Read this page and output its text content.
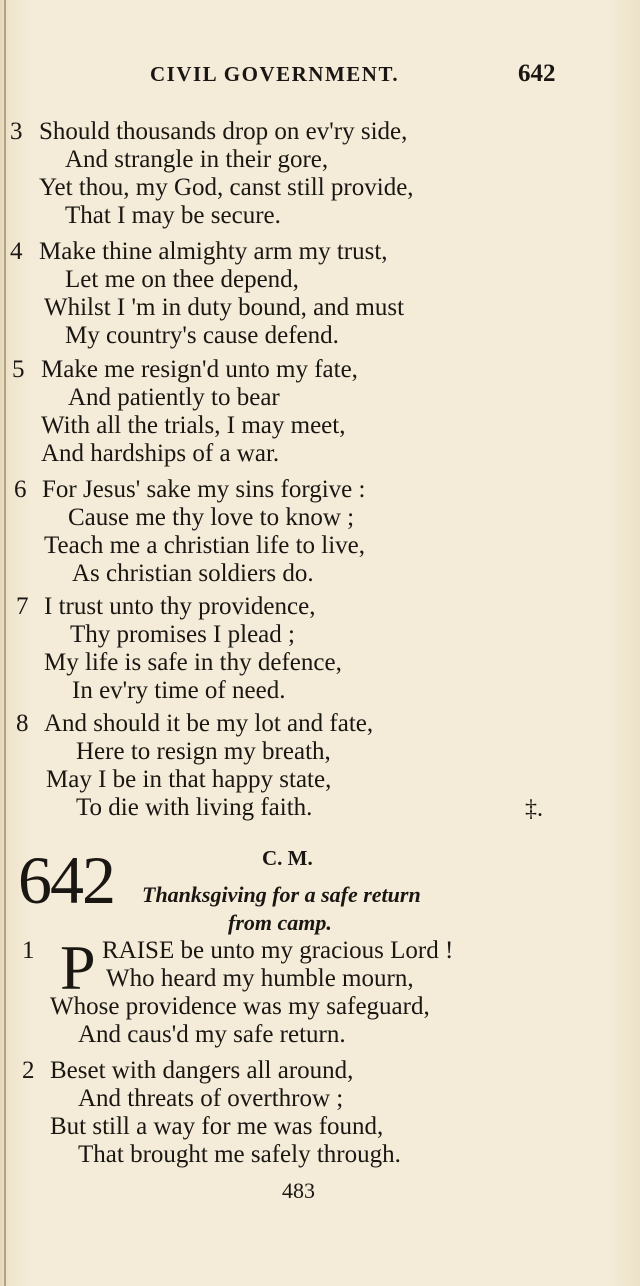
CIVIL GOVERNMENT.	642
3 Should thousands drop on ev'ry side,
And strangle in their gore,
Yet thou, my God, canst still provide,
That I may be secure.
4 Make thine almighty arm my trust,
Let me on thee depend,
Whilst I 'm in duty bound, and must
My country's cause defend.
5 Make me resign'd unto my fate,
And patiently to bear
With all the trials, I may meet,
And hardships of a war.
6 For Jesus' sake my sins forgive :
Cause me thy love to know ;
Teach me a christian life to live,
As christian soldiers do.
7 I trust unto thy providence,
Thy promises I plead ;
My life is safe in thy defence,
In ev'ry time of need.
8 And should it be my lot and fate,
Here to resign my breath,
May I be in that happy state,
To die with living faith.	‡.
642	C. M.
Thanksgiving for a safe return
from camp.
1 P RAISE be unto my gracious Lord !
Who heard my humble mourn,
Whose providence was my safeguard,
And caus'd my safe return.
2 Beset with dangers all around,
And threats of overthrow ;
But still a way for me was found,
That brought me safely through.
483
